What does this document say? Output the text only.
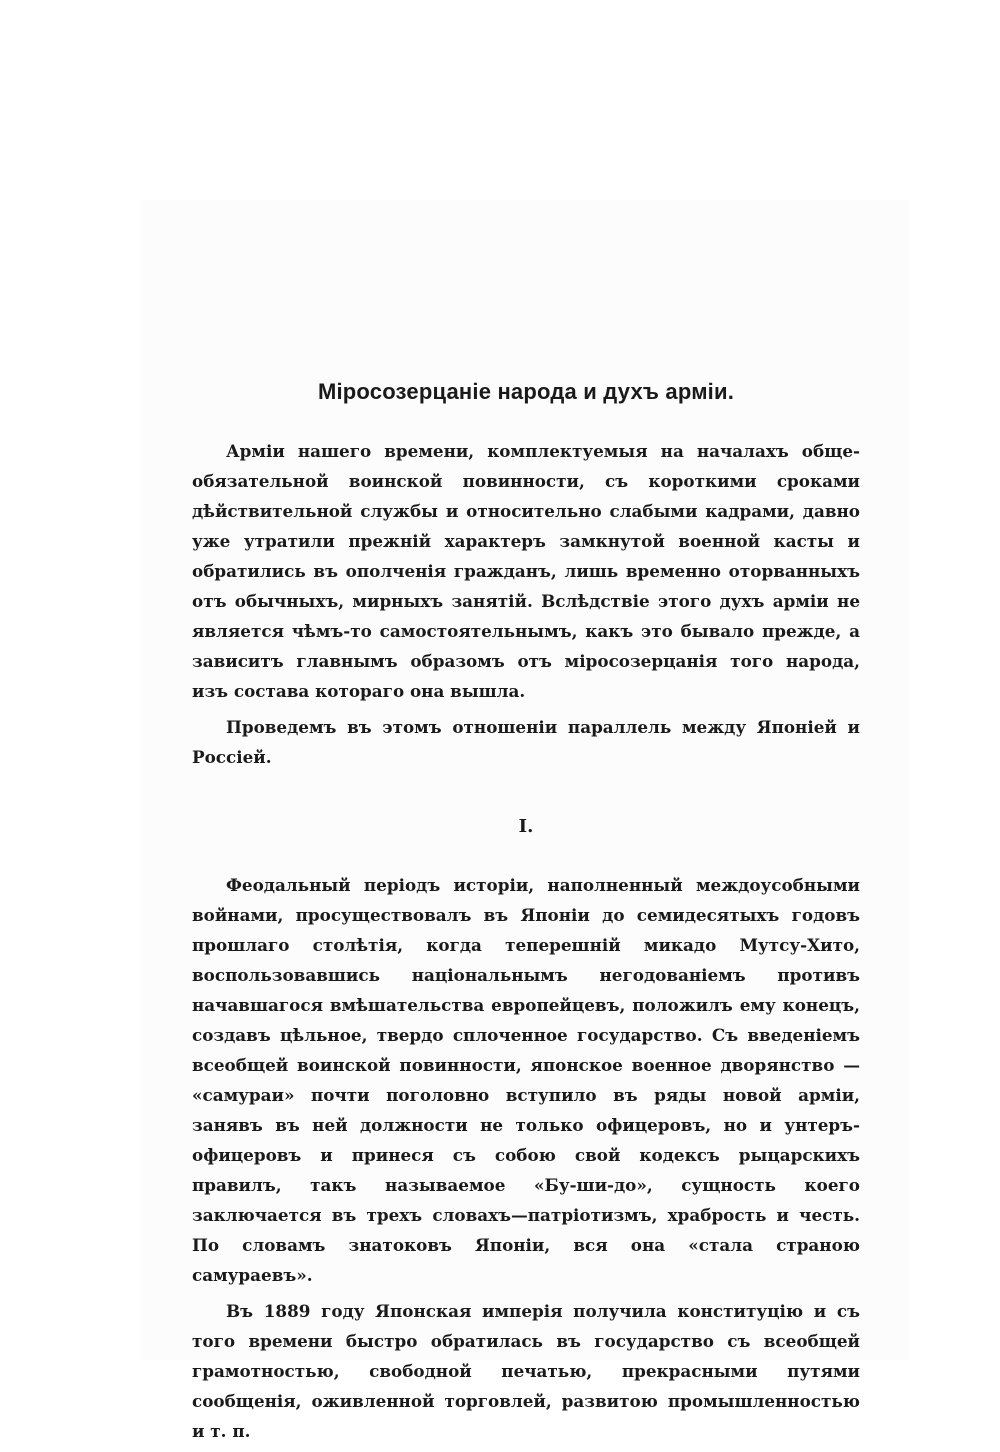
Міросозерцаніе народа и духъ арміи.

Арміи нашего времени, комплектуемыя на началахъ обще-обязательной воинской повинности, съ короткими сроками дѣйствительной службы и относительно слабыми кадрами, давно уже утратили прежній характеръ замкнутой военной касты и обратились въ ополченія гражданъ, лишь временно оторванныхъ отъ обычныхъ, мирныхъ занятій. Вслѣдствіе этого духъ арміи не является чѣмъ-то самостоятельнымъ, какъ это бывало прежде, а зависитъ главнымъ образомъ отъ міросозерцанія того народа, изъ состава котораго она вышла.

Проведемъ въ этомъ отношеніи параллель между Японіей и Россіей.

I.

Феодальный періодъ исторіи, наполненный междоусобными войнами, просуществовалъ въ Японіи до семидесятыхъ годовъ прошлаго столѣтія, когда теперешній микадо Мутсу-Хито, воспользовавшись національнымъ негодованіемъ противъ начавшагося вмѣшательства европейцевъ, положилъ ему конецъ, создавъ цѣльное, твердо сплоченное государство. Съ введеніемъ всеобщей воинской повинности, японское военное дворянство — «самураи» почти поголовно вступило въ ряды новой арміи, занявъ въ ней должности не только офицеровъ, но и унтеръ-офицеровъ и принеся съ собою свой кодексъ рыцарскихъ правилъ, такъ называемое «Бу-ши-до», сущность коего заключается въ трехъ словахъ—патріотизмъ, храбрость и честь. По словамъ знатоковъ Японіи, вся она «стала страною самураевъ».

Въ 1889 году Японская имперія получила конституцію и съ того времени быстро обратилась въ государство съ всеобщей грамотностью, свободной печатью, прекрасными путями сообщенія, оживленной торговлей, развитою промышленностью и т. п.
